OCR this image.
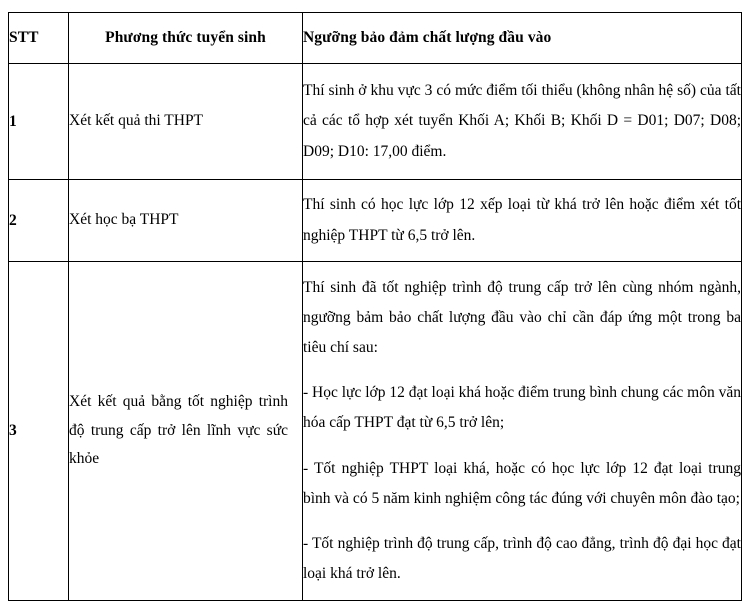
STT	Phương thức tuyển sinh	Ngưỡng bảo đảm chất lượng đầu vào
1	Xét kết quả thi THPT	Thí sinh ở khu vực 3 có mức điểm tối thiểu (không nhân hệ số) của tất cả các tổ hợp xét tuyển Khối A; Khối B; Khối D = D01; D07; D08; D09; D10: 17,00 điểm.

2	Xét học bạ THPT	Thí sinh có học lực lớp 12 xếp loại từ khá trở lên hoặc điểm xét tốt nghiệp THPT từ 6,5 trở lên.

3	Xét kết quả bằng tốt nghiệp trình độ trung cấp trở lên lĩnh vực sức khỏe	Thí sinh đã tốt nghiệp trình độ trung cấp trở lên cùng nhóm ngành, ngưỡng bảm bảo chất lượng đầu vào chỉ cần đáp ứng một trong ba tiêu chí sau:

- Học lực lớp 12 đạt loại khá hoặc điểm trung bình chung các môn văn hóa cấp THPT đạt từ 6,5 trở lên;

- Tốt nghiệp THPT loại khá, hoặc có học lực lớp 12 đạt loại trung bình và có 5 năm kinh nghiệm công tác đúng với chuyên môn đào tạo;

- Tốt nghiệp trình độ trung cấp, trình độ cao đẳng, trình độ đại học đạt loại khá trở lên.
